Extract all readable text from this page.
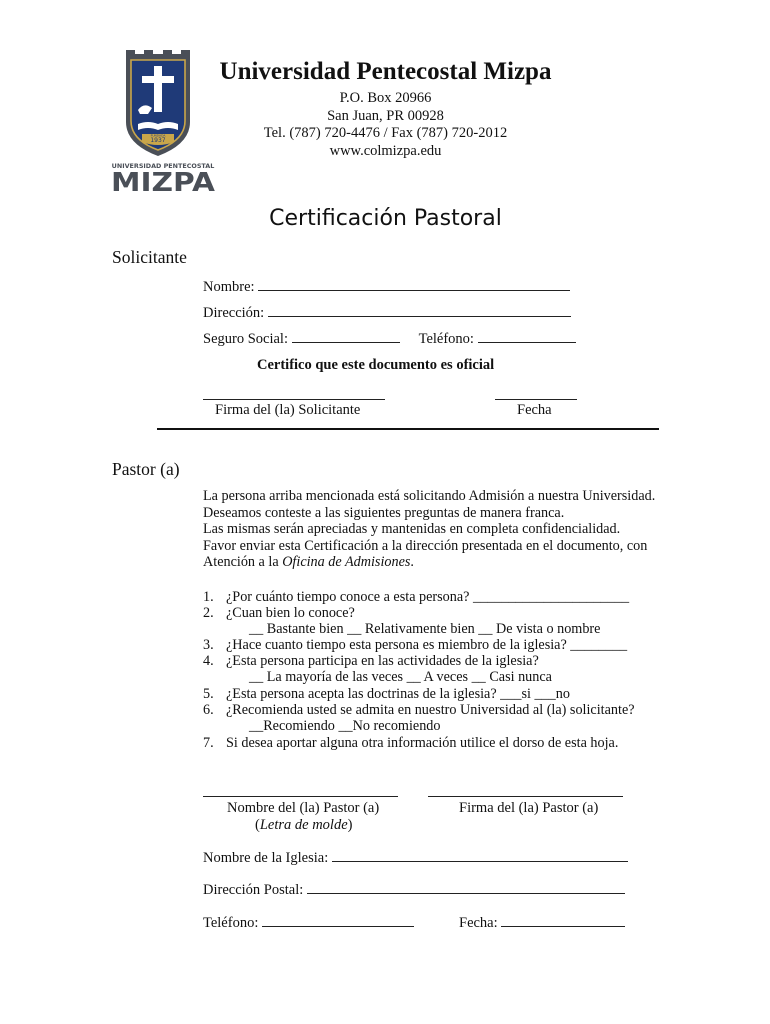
FUNDADA
1937
UNIVERSIDAD PENTECOSTAL
MIZPA
Universidad Pentecostal Mizpa
P.O. Box 20966
San Juan, PR 00928
Tel. (787) 720-4476 / Fax (787) 720-2012
www.colmizpa.edu
Certificación Pastoral
Solicitante
Nombre:
Dirección:
Seguro Social:	Teléfono:
Certifico que este documento es oficial
Firma del (la) Solicitante	Fecha
Pastor (a)
La persona arriba mencionada está solicitando Admisión a nuestra Universidad.
Deseamos conteste a las siguientes preguntas de manera franca.
Las mismas serán apreciadas y mantenidas en completa confidencialidad.
Favor enviar esta Certificación a la dirección presentada en el documento, con
Atención a la Oficina de Admisiones.
1. ¿Por cuánto tiempo conoce a esta persona? ______________________
2. ¿Cuan bien lo conoce?
__ Bastante bien __ Relativamente bien __ De vista o nombre
3. ¿Hace cuanto tiempo esta persona es miembro de la iglesia? ________
4. ¿Esta persona participa en las actividades de la iglesia?
__ La mayoría de las veces __ A veces __ Casi nunca
5. ¿Esta persona acepta las doctrinas de la iglesia? ___si ___no
6. ¿Recomienda usted se admita en nuestro Universidad al (la) solicitante?
__Recomiendo __No recomiendo
7. Si desea aportar alguna otra información utilice el dorso de esta hoja.
Nombre del (la) Pastor (a)	Firma del (la) Pastor (a)
(Letra de molde)
Nombre de la Iglesia:
Dirección Postal:
Teléfono:	Fecha:
